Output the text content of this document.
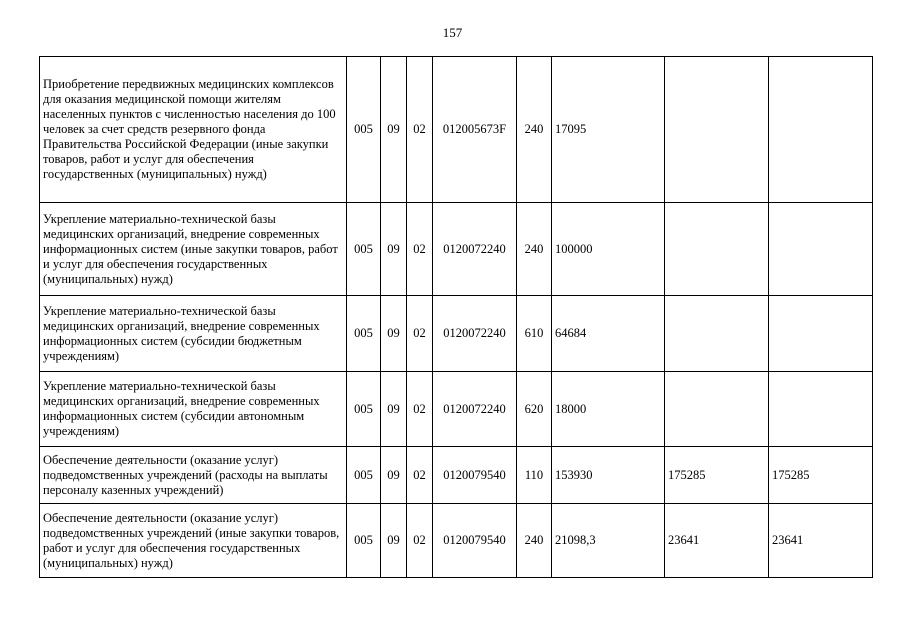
157
Приобретение передвижных медицинских комплексов для оказания медицинской помощи жителям населенных пунктов с численностью населения до 100 человек за счет средств резервного фонда Правительства Российской Федерации (иные закупки товаров, работ и услуг для обеспечения государственных (муниципальных) нужд)	005	09	02	012005673F	240	17095		
Укрепление материально-технической базы медицинских организаций, внедрение современных информационных систем (иные закупки товаров, работ и услуг для обеспечения государственных (муниципальных) нужд)	005	09	02	0120072240	240	100000		
Укрепление материально-технической базы медицинских организаций, внедрение современных информационных систем (субсидии бюджетным учреждениям)	005	09	02	0120072240	610	64684		
Укрепление материально-технической базы медицинских организаций, внедрение современных информационных систем (субсидии автономным учреждениям)	005	09	02	0120072240	620	18000		
Обеспечение деятельности (оказание услуг) подведомственных учреждений (расходы на выплаты персоналу казенных учреждений)	005	09	02	0120079540	110	153930	175285	175285
Обеспечение деятельности (оказание услуг) подведомственных учреждений (иные закупки товаров, работ и услуг для обеспечения государственных (муниципальных) нужд)	005	09	02	0120079540	240	21098,3	23641	23641
